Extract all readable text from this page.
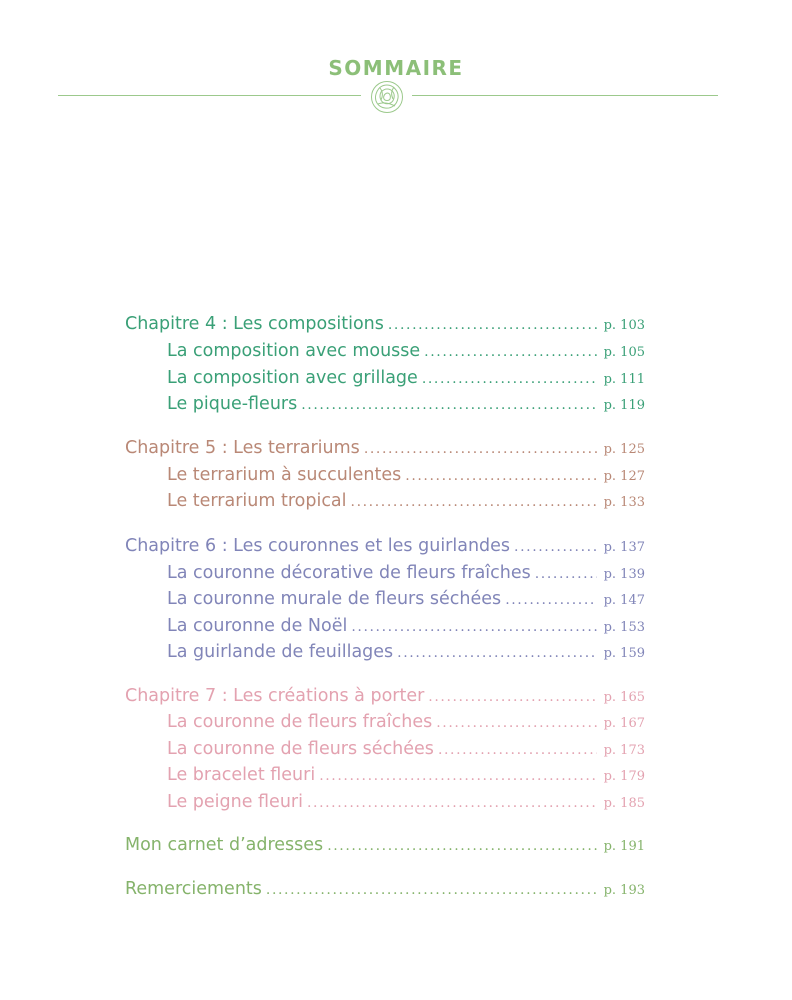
SOMMAIRE
Chapitre 4 : Les compositions .....	p. 103
La composition avec mousse .....	p. 105
La composition avec grillage .....	p. 111
Le pique-fleurs .....	p. 119
Chapitre 5 : Les terrariums .....	p. 125
Le terrarium à succulentes .....	p. 127
Le terrarium tropical .....	p. 133
Chapitre 6 : Les couronnes et les guirlandes .....	p. 137
La couronne décorative de fleurs fraîches .....	p. 139
La couronne murale de fleurs séchées .....	p. 147
La couronne de Noël .....	p. 153
La guirlande de feuillages .....	p. 159
Chapitre 7 : Les créations à porter .....	p. 165
La couronne de fleurs fraîches .....	p. 167
La couronne de fleurs séchées .....	p. 173
Le bracelet fleuri .....	p. 179
Le peigne fleuri .....	p. 185
Mon carnet d’adresses .....	p. 191
Remerciements .....	p. 193
